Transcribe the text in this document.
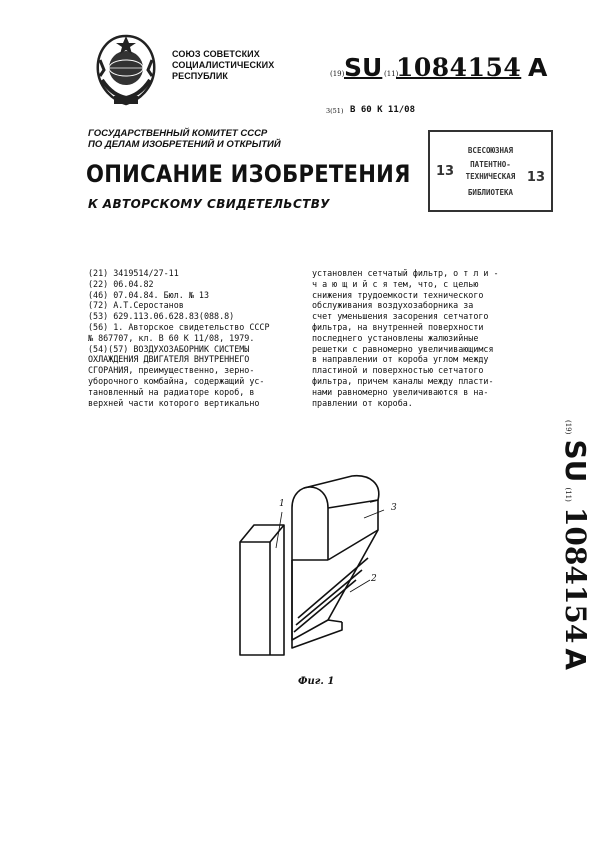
СОЮЗ СОВЕТСКИХ
СОЦИАЛИСТИЧЕСКИХ
РЕСПУБЛИК	(19) SU (11)
1084154 A
3(51) B 60 K 11/08
ГОСУДАРСТВЕННЫЙ КОМИТЕТ СССР
ПО ДЕЛАМ ИЗОБРЕТЕНИЙ И ОТКРЫТИЙ
ВСЕСОЮЗНАЯ
ПАТЕНТНО-
ТЕХНИЧЕСКАЯ
БИБЛИОТЕКА
13	13
ОПИСАНИЕ ИЗОБРЕТЕНИЯ
К АВТОРСКОМУ СВИДЕТЕЛЬСТВУ
(21) 3419514/27-11
(22) 06.04.82
(46) 07.04.84. Бюл. № 13
(72) А.Т.Серостанов
(53) 629.113.06.628.83(088.8)
(56) 1. Авторское свидетельство СССР
№ 867707, кл. В 60 К 11/08, 1979.
(54)(57) ВОЗДУХОЗАБОРНИК СИСТЕМЫ
ОХЛАЖДЕНИЯ ДВИГАТЕЛЯ ВНУТРЕННЕГО
СГОРАНИЯ, преимущественно, зерно-
уборочного комбайна, содержащий ус-
тановленный на радиаторе короб, в
верхней части которого вертикально
установлен сетчатый фильтр, о т л и -
ч а ю щ и й с я тем, что, с целью
снижения трудоемкости технического
обслуживания воздухозаборника за
счет уменьшения засорения сетчатого
фильтра, на внутренней поверхности
последнего установлены жалюзийные
решетки с равномерно увеличивающимся
в направлении от короба углом между
пластиной и поверхностью сетчатого
фильтра, причем каналы между пласти-
нами равномерно увеличиваются в на-
правлении от короба.
(19) SU (11) 1084154 A
1	3
2
Фиг. 1
